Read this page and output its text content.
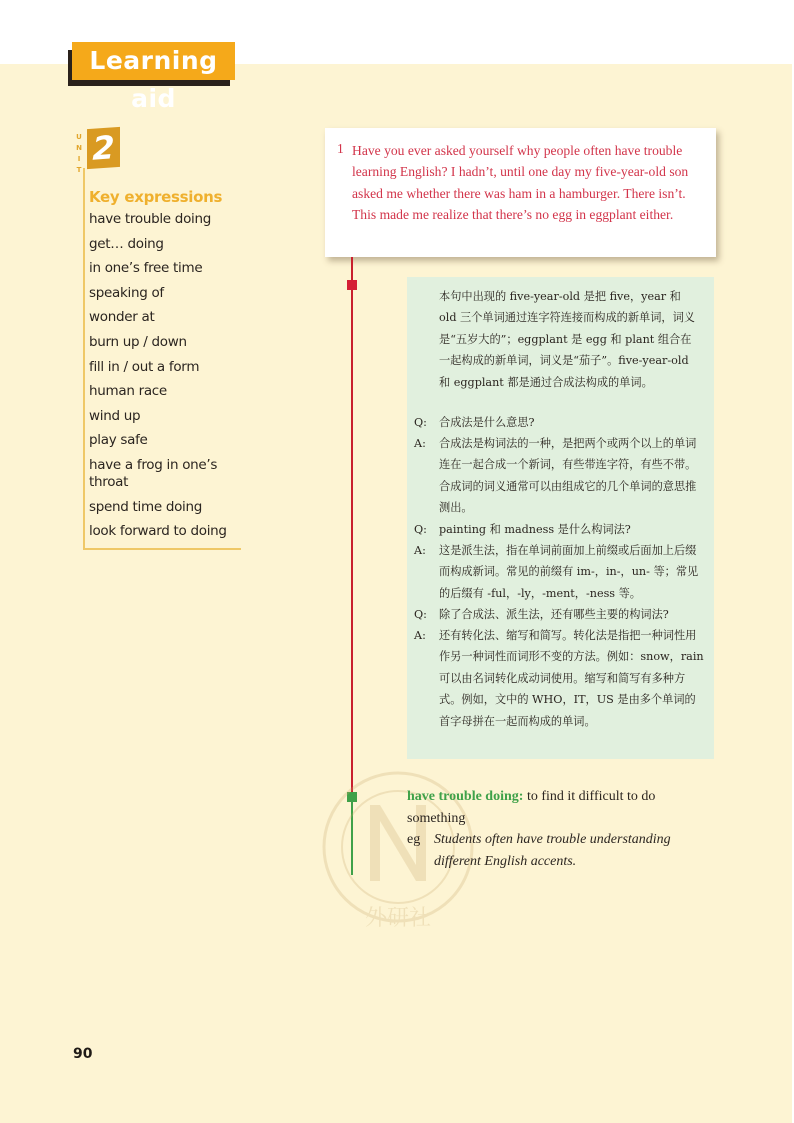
Learning aid
U
N
I
T
2
Key expressions
have trouble doing
get… doing
in one’s free time
speaking of
wonder at
burn up / down
fill in / out a form
human race
wind up
play safe
have a frog in one’s throat
spend time doing
look forward to doing
1 Have you ever asked yourself why people often have trouble learning English? I hadn’t, until one day my five-year-old son asked me whether there was ham in a hamburger. There isn’t. This made me realize that there’s no egg in eggplant either.
本句中出现的 five-year-old 是把 five，year 和 old 三个单词通过连字符连接而构成的新单词，词义是“五岁大的”；eggplant 是 egg 和 plant 组合在一起构成的新单词，词义是“茄子”。five-year-old 和 eggplant 都是通过合成法构成的单词。
Q:	合成法是什么意思?
A:	合成法是构词法的一种，是把两个或两个以上的单词连在一起合成一个新词，有些带连字符，有些不带。合成词的词义通常可以由组成它的几个单词的意思推测出。
Q:	painting 和 madness 是什么构词法?
A:	这是派生法，指在单词前面加上前缀或后面加上后缀而构成新词。常见的前缀有 im-，in-，un- 等；常见的后缀有 -ful，-ly，-ment，-ness 等。
Q:	除了合成法、派生法，还有哪些主要的构词法?
A:	还有转化法、缩写和简写。转化法是指把一种词性用作另一种词性而词形不变的方法。例如：snow，rain 可以由名词转化成动词使用。缩写和简写有多种方式。例如，文中的 WHO，IT，US 是由多个单词的首字母拼在一起而构成的单词。
外研社
have trouble doing: to find it difficult to do something
eg Students often have trouble understanding different English accents.
90
